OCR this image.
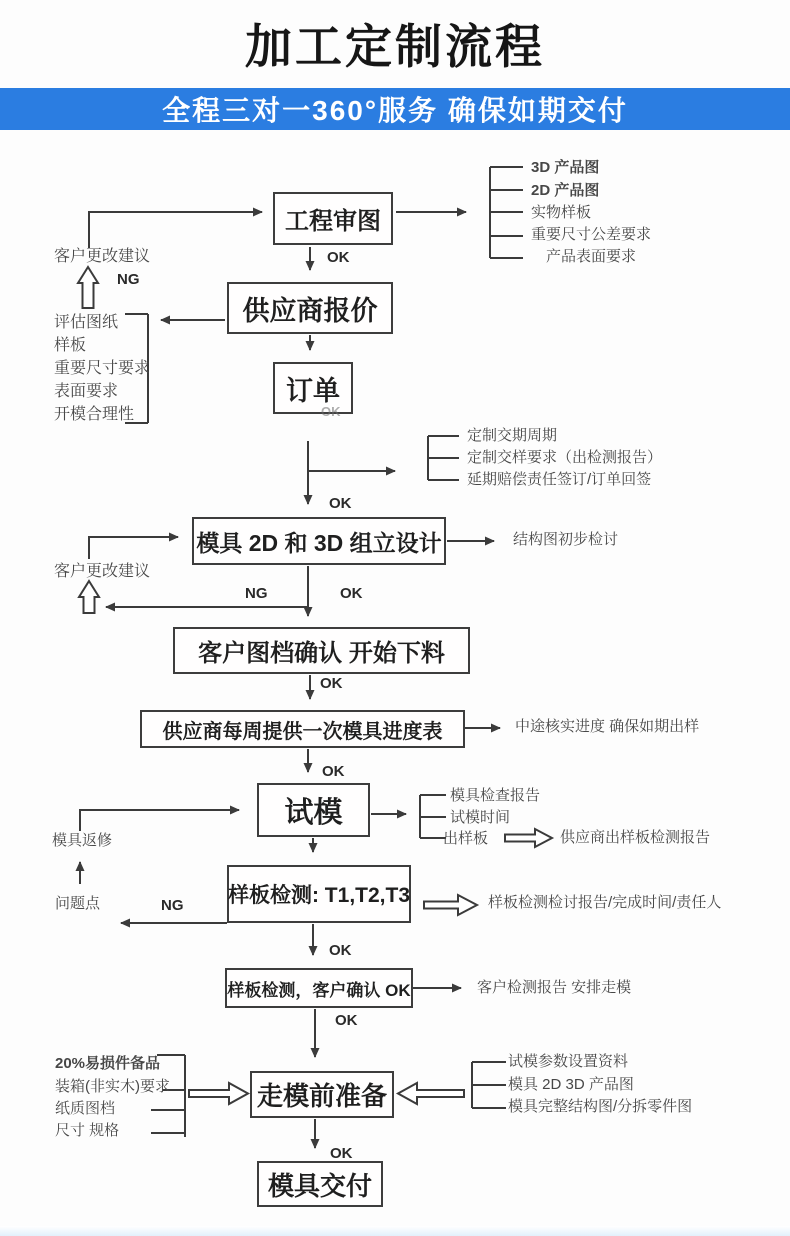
加工定制流程
全程三对一360°服务 确保如期交付
工程审图
供应商报价
订单
模具 2D 和 3D 组立设计
客户图档确认 开始下料
供应商每周提供一次模具进度表
试模
样板检测: T1,T2,T3
样板检测，客户确认 OK
走模前准备
模具交付
OK
OK
OK
OK
OK
OK
OK
OK
OK
NG
NG
NG
客户更改建议
评估图纸
样板
重要尺寸要求
表面要求
开模合理性
3D 产品图
2D 产品图
实物样板
重要尺寸公差要求
产品表面要求
定制交期周期
定制交样要求（出检测报告）
延期赔偿责任签订/订单回签
结构图初步检讨
客户更改建议
中途核实进度 确保如期出样
模具检查报告
试模时间
出样板	供应商出样板检测报告
模具返修
问题点	样板检测检讨报告/完成时间/责任人
客户检测报告 安排走模
20%易损件备品
装箱(非实木)要求
纸质图档
尺寸 规格
试模参数设置资料
模具 2D 3D 产品图
模具完整结构图/分拆零件图
